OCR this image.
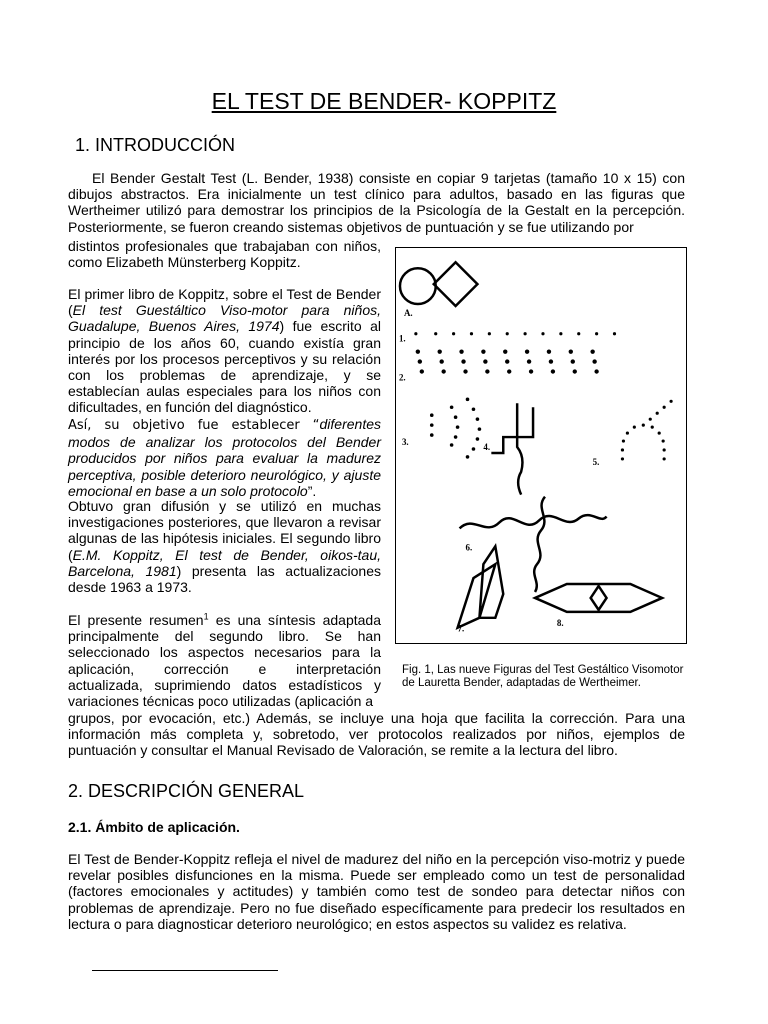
EL TEST DE BENDER- KOPPITZ
1. INTRODUCCIÓN

El Bender Gestalt Test (L. Bender, 1938) consiste en copiar 9 tarjetas (tamaño 10 x 15) con dibujos abstractos. Era inicialmente un test clínico para adultos, basado en las figuras que Wertheimer utilizó para demostrar los principios de la Psicología de la Gestalt en la percepción. Posteriormente, se fueron creando sistemas objetivos de puntuación y se fue utilizando por

distintos profesionales que trabajaban con niños, como Elizabeth Münsterberg Koppitz.

El primer libro de Koppitz, sobre el Test de Bender (El test Guestáltico Viso-motor para niños, Guadalupe, Buenos Aires, 1974) fue escrito al principio de los años 60, cuando existía gran interés por los procesos perceptivos y su relación con los problemas de aprendizaje, y se establecían aulas especiales para los niños con dificultades, en función del diagnóstico.

Así, su objetivo fue establecer “diferentes modos de analizar los protocolos del Bender producidos por niños para evaluar la madurez perceptiva, posible deterioro neurológico, y ajuste emocional en base a un solo protocolo”.

Obtuvo gran difusión y se utilizó en muchas investigaciones posteriores, que llevaron a revisar algunas de las hipótesis iniciales. El segundo libro (E.M. Koppitz, El test de Bender, oikos-tau, Barcelona, 1981) presenta las actualizaciones desde 1963 a 1973.

El presente resumen$^1$ es una síntesis adaptada principalmente del segundo libro. Se han seleccionado los aspectos necesarios para la aplicación, corrección e interpretación actualizada, suprimiendo datos estadísticos y variaciones técnicas poco utilizadas (aplicación a

grupos, por evocación, etc.) Además, se incluye una hoja que facilita la corrección. Para una información más completa y, sobretodo, ver protocolos realizados por niños, ejemplos de puntuación y consultar el Manual Revisado de Valoración, se remite a la lectura del libro.

A.
1.
2.
3.	4.
5.
6.
7.
8.
Fig. 1, Las nueve Figuras del Test Gestáltico Visomotor de Lauretta Bender, adaptadas de Wertheimer.
2. DESCRIPCIÓN GENERAL
2.1. Ámbito de aplicación.

El Test de Bender-Koppitz refleja el nivel de madurez del niño en la percepción viso-motriz y puede revelar posibles disfunciones en la misma. Puede ser empleado como un test de personalidad (factores emocionales y actitudes) y también como test de sondeo para detectar niños con problemas de aprendizaje. Pero no fue diseñado específicamente para predecir los resultados en lectura o para diagnosticar deterioro neurológico; en estos aspectos su validez es relativa.
